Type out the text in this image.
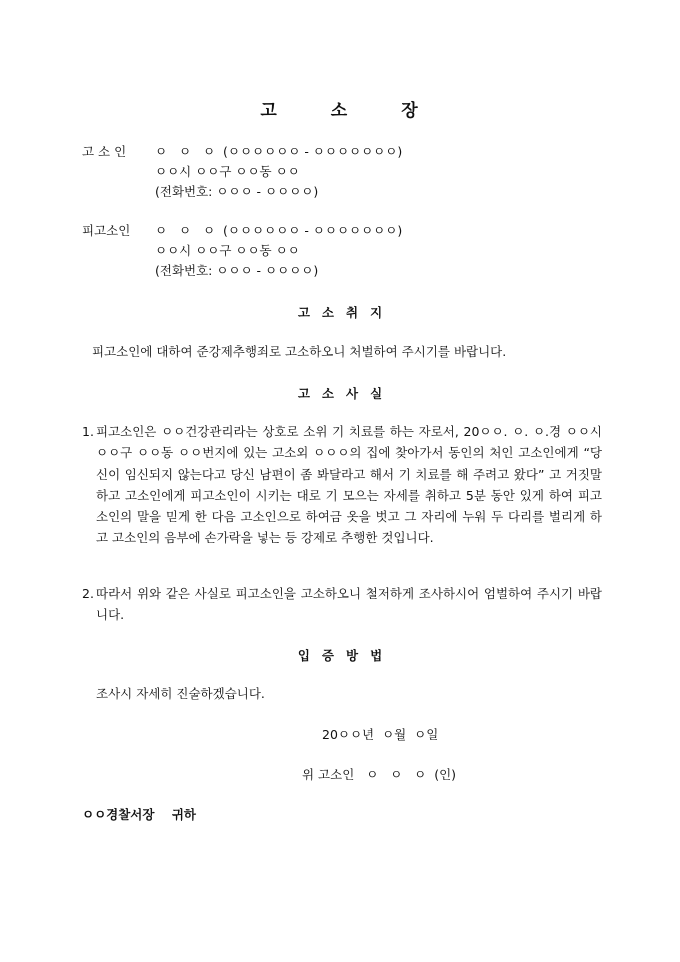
고	소	장
고 소 인	ㅇ   ㅇ   ㅇ  (ㅇㅇㅇㅇㅇㅇ - ㅇㅇㅇㅇㅇㅇㅇ)
ㅇㅇ시 ㅇㅇ구 ㅇㅇ동 ㅇㅇ
(전화번호: ㅇㅇㅇ - ㅇㅇㅇㅇ)
피고소인	ㅇ   ㅇ   ㅇ  (ㅇㅇㅇㅇㅇㅇ - ㅇㅇㅇㅇㅇㅇㅇ)
ㅇㅇ시 ㅇㅇ구 ㅇㅇ동 ㅇㅇ
(전화번호: ㅇㅇㅇ - ㅇㅇㅇㅇ)
고 소 취 지
피고소인에 대하여 준강제추행죄로 고소하오니 처벌하여 주시기를 바랍니다.
고 소 사 실
1. 피고소인은 ㅇㅇ건강관리라는 상호로 소위 기 치료를 하는 자로서, 20ㅇㅇ. ㅇ. ㅇ.경 ㅇㅇ시 ㅇㅇ구 ㅇㅇ동 ㅇㅇ번지에 있는 고소외 ㅇㅇㅇ의 집에 찾아가서 동인의 처인 고소인에게 “당신이 임신되지 않는다고 당신 남편이 좀 봐달라고 해서 기 치료를 해 주려고 왔다” 고 거짓말하고 고소인에게 피고소인이 시키는 대로 기 모으는 자세를 취하고 5분 동안 있게 하여 피고소인의 말을 믿게 한 다음 고소인으로 하여금 옷을 벗고 그 자리에 누워 두 다리를 벌리게 하고 고소인의 음부에 손가락을 넣는 등 강제로 추행한 것입니다.
2. 따라서 위와 같은 사실로 피고소인을 고소하오니 철저하게 조사하시어 엄벌하여 주시기 바랍니다.
입 증 방 법
조사시 자세히 진술하겠습니다.
20ㅇㅇ년  ㅇ월  ㅇ일
위 고소인   ㅇ   ㅇ   ㅇ  (인)
ㅇㅇ경찰서장    귀하
